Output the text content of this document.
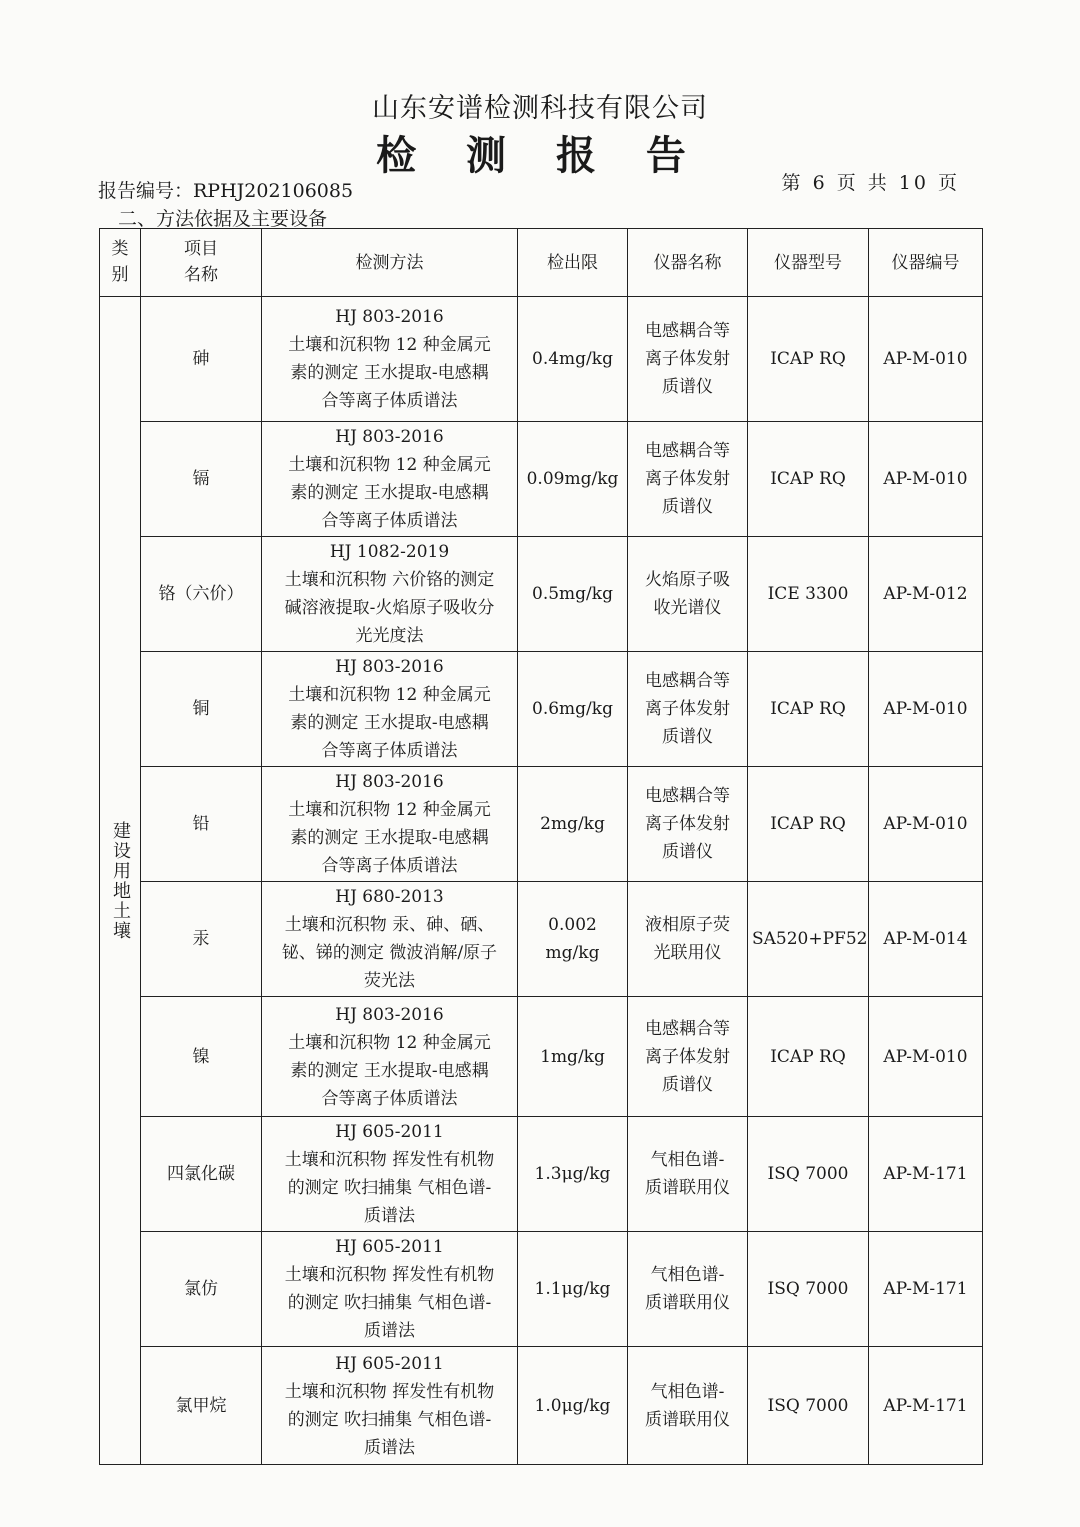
山东安谱检测科技有限公司
检 测 报 告
报告编号：RPHJ202106085	第 6 页 共 10 页
二、方法依据及主要设备
类别	项目名称	检测方法	检出限	仪器名称	仪器型号	仪器编号

建设用地土壤	砷	HJ 803-2016
土壤和沉积物 12 种金属元
素的测定 王水提取-电感耦
合等离子体质谱法	0.4mg/kg	电感耦合等
离子体发射
质谱仪	ICAP RQ	AP-M-010
	镉	HJ 803-2016
土壤和沉积物 12 种金属元
素的测定 王水提取-电感耦
合等离子体质谱法	0.09mg/kg	电感耦合等
离子体发射
质谱仪	ICAP RQ	AP-M-010
	铬（六价）	HJ 1082-2019
土壤和沉积物 六价铬的测定
碱溶液提取-火焰原子吸收分
光光度法	0.5mg/kg	火焰原子吸
收光谱仪	ICE 3300	AP-M-012
	铜	HJ 803-2016
土壤和沉积物 12 种金属元
素的测定 王水提取-电感耦
合等离子体质谱法	0.6mg/kg	电感耦合等
离子体发射
质谱仪	ICAP RQ	AP-M-010
	铅	HJ 803-2016
土壤和沉积物 12 种金属元
素的测定 王水提取-电感耦
合等离子体质谱法	2mg/kg	电感耦合等
离子体发射
质谱仪	ICAP RQ	AP-M-010
	汞	HJ 680-2013
土壤和沉积物 汞、砷、硒、
铋、锑的测定 微波消解/原子
荧光法	0.002 mg/kg	液相原子荧
光联用仪	SA520+PF52	AP-M-014
	镍	HJ 803-2016
土壤和沉积物 12 种金属元
素的测定 王水提取-电感耦
合等离子体质谱法	1mg/kg	电感耦合等
离子体发射
质谱仪	ICAP RQ	AP-M-010
	四氯化碳	HJ 605-2011
土壤和沉积物 挥发性有机物
的测定 吹扫捕集 气相色谱-
质谱法	1.3μg/kg	气相色谱-
质谱联用仪	ISQ 7000	AP-M-171
	氯仿	HJ 605-2011
土壤和沉积物 挥发性有机物
的测定 吹扫捕集 气相色谱-
质谱法	1.1μg/kg	气相色谱-
质谱联用仪	ISQ 7000	AP-M-171
	氯甲烷	HJ 605-2011
土壤和沉积物 挥发性有机物
的测定 吹扫捕集 气相色谱-
质谱法	1.0μg/kg	气相色谱-
质谱联用仪	ISQ 7000	AP-M-171
